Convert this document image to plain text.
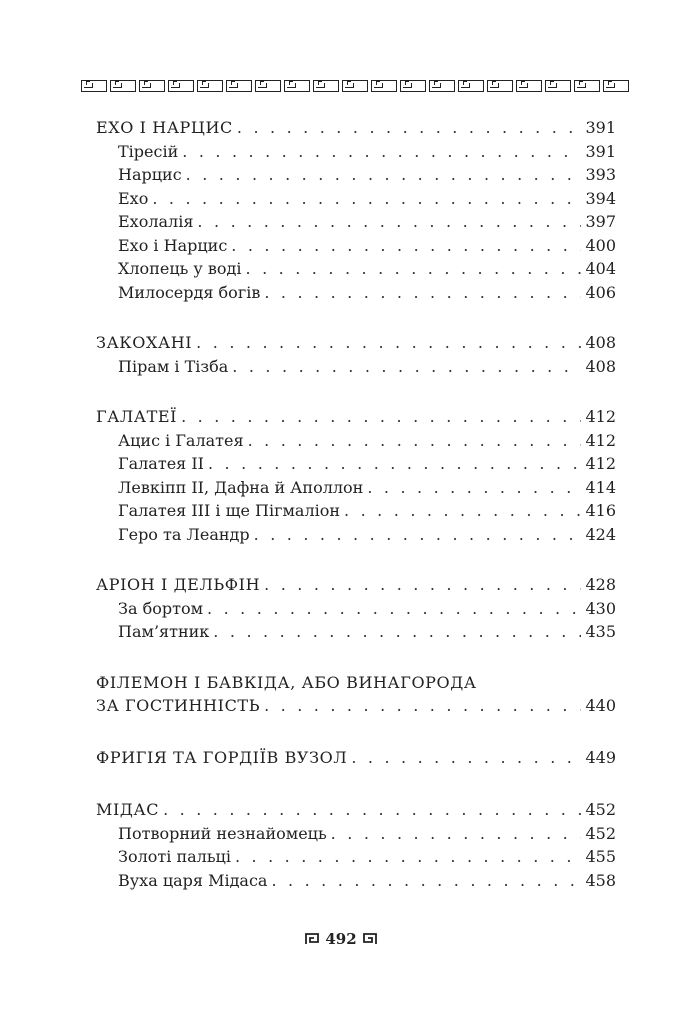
ЕХО І НАРЦИС . . .	391
Тіресій . . .	391
Нарцис . . .	393
Ехо . . .	394
Ехолалія . . .	397
Ехо і Нарцис . . .	400
Хлопець у воді . . .	404
Милосердя богів . . .	406
ЗАКОХАНІ . . .	408
Пірам і Тізба . . .	408
ГАЛАТЕЇ . . .	412
Ацис і Галатея . . .	412
Галатея II . . .	412
Левкіпп II, Дафна й Аполлон . . .	414
Галатея III і ще Пігмаліон . . .	416
Геро та Леандр . . .	424
АРІОН І ДЕЛЬФІН . . .	428
За бортом . . .	430
Пам’ятник . . .	435
ФІЛЕМОН І БАВКІДА, АБО ВИНАГОРОДА
ЗА ГОСТИННІСТЬ . . .	440
ФРИГІЯ ТА ГОРДІЇВ ВУЗОЛ . . .	449
МІДАС . . .	452
Потворний незнайомець . . .	452
Золоті пальці . . .	455
Вуха царя Мідаса . . .	458
492
